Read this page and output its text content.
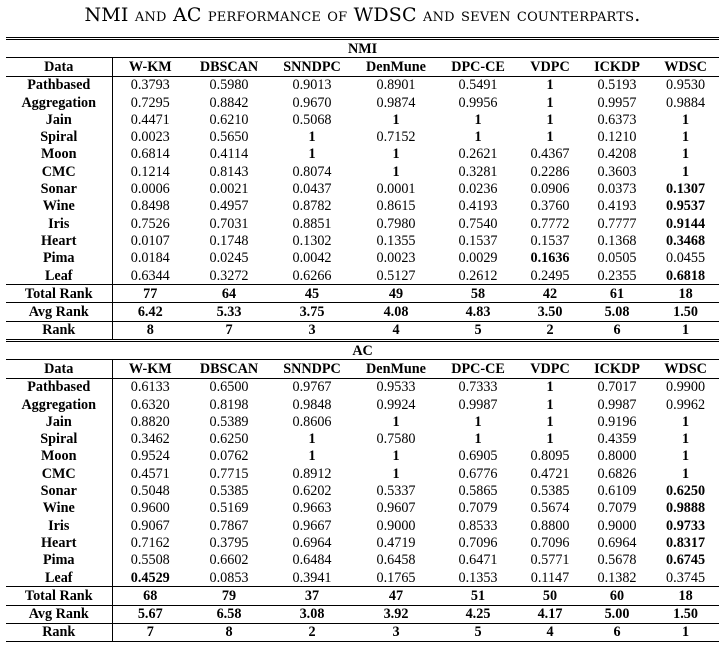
NMI and AC performance of WDSC and seven counterparts.
NMI								
Data	W-KM	DBSCAN	SNNDPC	DenMune	DPC-CE	VDPC	ICKDP	WDSC
Pathbased	0.3793	0.5980	0.9013	0.8901	0.5491	1	0.5193	0.9530
Aggregation	0.7295	0.8842	0.9670	0.9874	0.9956	1	0.9957	0.9884
Jain	0.4471	0.6210	0.5068	1	1	1	0.6373	1
Spiral	0.0023	0.5650	1	0.7152	1	1	0.1210	1
Moon	0.6814	0.4114	1	1	0.2621	0.4367	0.4208	1
CMC	0.1214	0.8143	0.8074	1	0.3281	0.2286	0.3603	1
Sonar	0.0006	0.0021	0.0437	0.0001	0.0236	0.0906	0.0373	0.1307
Wine	0.8498	0.4957	0.8782	0.8615	0.4193	0.3760	0.4193	0.9537
Iris	0.7526	0.7031	0.8851	0.7980	0.7540	0.7772	0.7777	0.9144
Heart	0.0107	0.1748	0.1302	0.1355	0.1537	0.1537	0.1368	0.3468
Pima	0.0184	0.0245	0.0042	0.0023	0.0029	0.1636	0.0505	0.0455
Leaf	0.6344	0.3272	0.6266	0.5127	0.2612	0.2495	0.2355	0.6818
Total Rank	77	64	45	49	58	42	61	18
Avg Rank	6.42	5.33	3.75	4.08	4.83	3.50	5.08	1.50
Rank	8	7	3	4	5	2	6	1
AC								
Data	W-KM	DBSCAN	SNNDPC	DenMune	DPC-CE	VDPC	ICKDP	WDSC
Pathbased	0.6133	0.6500	0.9767	0.9533	0.7333	1	0.7017	0.9900
Aggregation	0.6320	0.8198	0.9848	0.9924	0.9987	1	0.9987	0.9962
Jain	0.8820	0.5389	0.8606	1	1	1	0.9196	1
Spiral	0.3462	0.6250	1	0.7580	1	1	0.4359	1
Moon	0.9524	0.0762	1	1	0.6905	0.8095	0.8000	1
CMC	0.4571	0.7715	0.8912	1	0.6776	0.4721	0.6826	1
Sonar	0.5048	0.5385	0.6202	0.5337	0.5865	0.5385	0.6109	0.6250
Wine	0.9600	0.5169	0.9663	0.9607	0.7079	0.5674	0.7079	0.9888
Iris	0.9067	0.7867	0.9667	0.9000	0.8533	0.8800	0.9000	0.9733
Heart	0.7162	0.3795	0.6964	0.4719	0.7096	0.7096	0.6964	0.8317
Pima	0.5508	0.6602	0.6484	0.6458	0.6471	0.5771	0.5678	0.6745
Leaf	0.4529	0.0853	0.3941	0.1765	0.1353	0.1147	0.1382	0.3745
Total Rank	68	79	37	47	51	50	60	18
Avg Rank	5.67	6.58	3.08	3.92	4.25	4.17	5.00	1.50
Rank	7	8	2	3	5	4	6	1
